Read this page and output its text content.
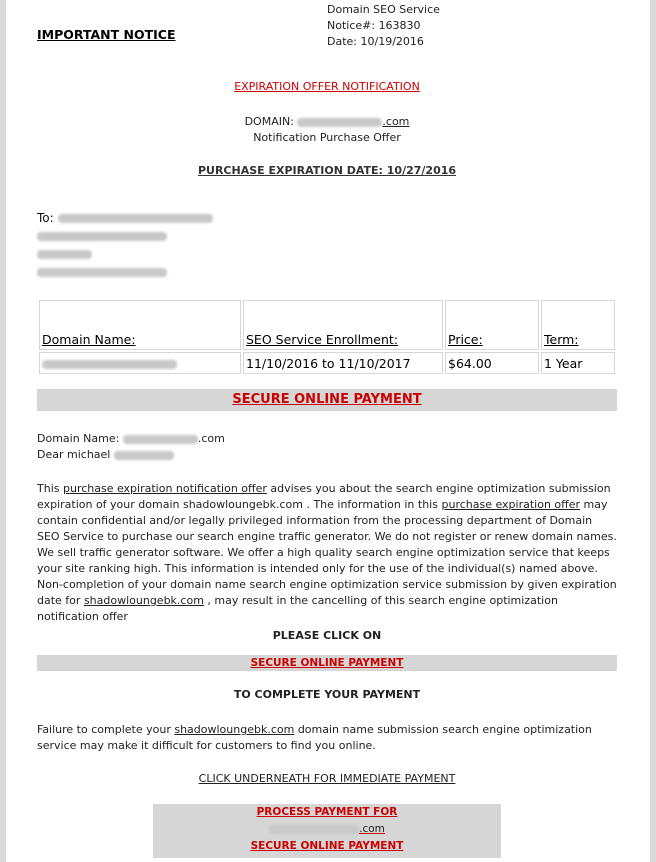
IMPORTANT NOTICE
Domain SEO Service
Notice#: 163830
Date: 10/19/2016
EXPIRATION OFFER NOTIFICATION
DOMAIN:	.com
Notification Purchase Offer
PURCHASE EXPIRATION DATE: 10/27/2016
To:
Domain Name:	SEO Service Enrollment:	Price:	Term:
	11/10/2016 to 11/10/2017	$64.00	1 Year
SECURE ONLINE PAYMENT
Domain Name:	.com
Dear michael
This purchase expiration notification offer advises you about the search engine optimization submission expiration of your domain shadowloungebk.com . The information in this purchase expiration offer may contain confidential and/or legally privileged information from the processing department of Domain SEO Service to purchase our search engine traffic generator. We do not register or renew domain names. We sell traffic generator software. We offer a high quality search engine optimization service that keeps your site ranking high. This information is intended only for the use of the individual(s) named above.
Non-completion of your domain name search engine optimization service submission by given expiration date for shadowloungebk.com , may result in the cancelling of this search engine optimization notification offer
PLEASE CLICK ON
SECURE ONLINE PAYMENT
TO COMPLETE YOUR PAYMENT
Failure to complete your shadowloungebk.com domain name submission search engine optimization service may make it difficult for customers to find you online.
CLICK UNDERNEATH FOR IMMEDIATE PAYMENT
PROCESS PAYMENT FOR
.com
SECURE ONLINE PAYMENT
